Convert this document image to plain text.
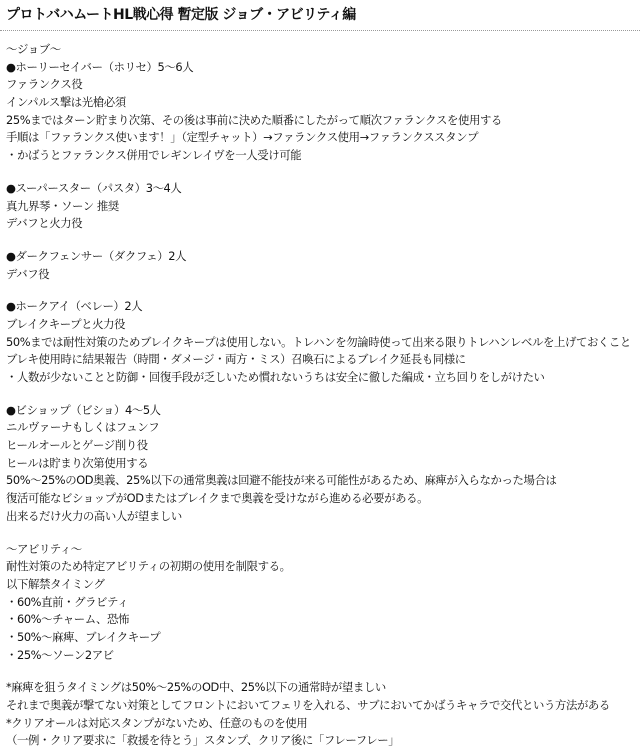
プロトバハムートHL戦心得 暫定版 ジョブ・アビリティ編
〜ジョブ〜
●ホーリーセイバー（ホリセ）5〜6人
ファランクス役
インパルス撃は光槍必須
25%まではターン貯まり次第、その後は事前に決めた順番にしたがって順次ファランクスを使用する
手順は「ファランクス使います！」（定型チャット）→ファランクス使用→ファランクススタンプ
・かばうとファランクス併用でレギンレイヴを一人受け可能
●スーパースター（パスタ）3〜4人
真九界琴・ソーン 推奨
デバフと火力役
●ダークフェンサー（ダクフェ）2人
デバフ役
●ホークアイ（ベレー）2人
ブレイクキープと火力役
50%までは耐性対策のためブレイクキープは使用しない。トレハンを勿論時使って出来る限りトレハンレベルを上げておくこと
ブレキ使用時に結果報告（時間・ダメージ・両方・ミス）召喚石によるブレイク延長も同様に
・人数が少ないことと防御・回復手段が乏しいため慣れないうちは安全に徹した編成・立ち回りをしがけたい
●ビショップ（ビショ）4〜5人
ニルヴァーナもしくはフュンフ
ヒールオールとゲージ削り役
ヒールは貯まり次第使用する
50%〜25%のOD奥義、25%以下の通常奥義は回避不能技が来る可能性があるため、麻痺が入らなかった場合は
復活可能なビショップがODまたはブレイクまで奥義を受けながら進める必要がある。
出来るだけ火力の高い人が望ましい
〜アビリティ〜
耐性対策のため特定アビリティの初期の使用を制限する。
以下解禁タイミング
・60%直前・グラビティ
・60%〜チャーム、恐怖
・50%〜麻痺、ブレイクキープ
・25%〜ソーン2アビ
*麻痺を狙うタイミングは50%〜25%のOD中、25%以下の通常時が望ましい
それまで奥義が撃てない対策としてフロントにおいてフェリを入れる、サブにおいてかばうキャラで交代という方法がある
*クリアオールは対応スタンプがないため、任意のものを使用
（一例・クリア要求に「救援を待とう」スタンプ、クリア後に「フレーフレー」
